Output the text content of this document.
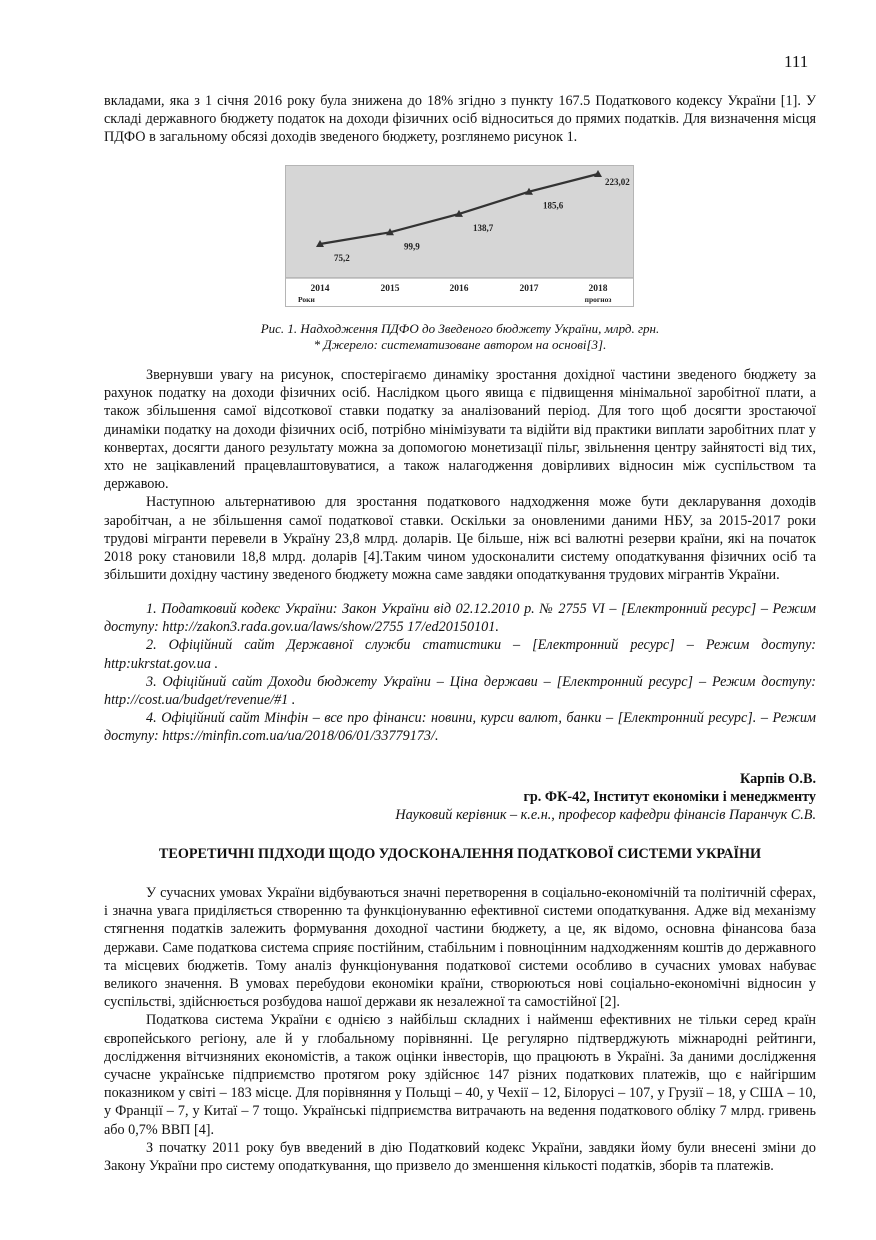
111

вкладами, яка з 1 січня 2016 року була знижена до 18% згідно з пункту 167.5 Податкового кодексу України [1]. У складі державного бюджету податок на доходи фізичних осіб відноситься до прямих податків. Для визначення місця ПДФО в загальному обсязі доходів зведеного бюджету, розглянемо рисунок 1.

75,2
99,9
138,7
185,6
223,02
2014
Роки
2015	2016	2017	2018
прогноз
Рис. 1. Надходження ПДФО до Зведеного бюджету України, млрд. грн.
* Джерело: систематизоване автором на основі[3].

Звернувши увагу на рисунок, спостерігаємо динаміку зростання дохідної частини зведеного бюджету за рахунок податку на доходи фізичних осіб. Наслідком цього явища є підвищення мінімальної заробітної плати, а також збільшення самої відсоткової ставки податку за аналізований період. Для того щоб досягти зростаючої динаміки податку на доходи фізичних осіб, потрібно мінімізувати та відійти від практики виплати заробітних плат у конвертах, досягти даного результату можна за допомогою монетизації пільг, звільнення центру зайнятості від тих, хто не зацікавлений працевлаштовуватися, а також налагодження довірливих відносин між суспільством та державою.

Наступною альтернативою для зростання податкового надходження може бути декларування доходів заробітчан, а не збільшення самої податкової ставки. Оскільки за оновленими даними НБУ, за 2015-2017 роки трудові мігранти перевели в Україну 23,8 млрд. доларів. Це більше, ніж всі валютні резерви країни, які на початок 2018 року становили 18,8 млрд. доларів [4].Таким чином удосконалити систему оподаткування фізичних осіб та збільшити дохідну частину зведеного бюджету можна саме завдяки оподаткування трудових мігрантів України.

1. Податковий кодекс України: Закон України від 02.12.2010 р. № 2755 VI – [Електронний ресурс] – Режим доступу: http://zakon3.rada.gov.ua/laws/show/2755 17/ed20150101.

2. Офіційний сайт Державної служби статистики – [Електронний ресурс] – Режим доступу: http:ukrstat.gov.ua .

3. Офіційний сайт Доходи бюджету України – Ціна держави – [Електронний ресурс] – Режим доступу: http://cost.ua/budget/revenue/#1 .

4. Офіційний сайт Мінфін – все про фінанси: новини, курси валют, банки – [Електронний ресурс]. – Режим доступу: https://minfin.com.ua/ua/2018/06/01/33779173/.

Карпів О.В.
гр. ФК-42, Інститут економіки і менеджменту
Науковий керівник – к.е.н., професор кафедри фінансів Паранчук С.В.
ТЕОРЕТИЧНІ ПІДХОДИ ЩОДО УДОСКОНАЛЕННЯ ПОДАТКОВОЇ СИСТЕМИ УКРАЇНИ

У сучасних умовах України відбуваються значні перетворення в соціально-економічній та політичній сферах, і значна увага приділяється створенню та функціонуванню ефективної системи оподаткування. Адже від механізму стягнення податків залежить формування доходної частини бюджету, а це, як відомо, основна фінансова база держави. Саме податкова система сприяє постійним, стабільним і повноцінним надходженням коштів до державного та місцевих бюджетів. Тому аналіз функціонування податкової системи особливо в сучасних умовах набуває великого значення. В умовах перебудови економіки країни, створюються нові соціально-економічні відносин у суспільстві, здійснюється розбудова нашої держави як незалежної та самостійної [2].

Податкова система України є однією з найбільш складних і найменш ефективних не тільки серед країн європейського регіону, але й у глобальному порівнянні. Це регулярно підтверджують міжнародні рейтинги, дослідження вітчизняних економістів, а також оцінки інвесторів, що працюють в Україні. За даними дослідження сучасне українське підприємство протягом року здійснює 147 різних податкових платежів, що є найгіршим показником у світі – 183 місце. Для порівняння у Польщі – 40, у Чехії – 12, Білорусі – 107, у Грузії – 18, у США – 10, у Франції – 7, у Китаї – 7 тощо. Українські підприємства витрачають на ведення податкового обліку 7 млрд. гривень або 0,7% ВВП [4].

З початку 2011 року був введений в дію Податковий кодекс України, завдяки йому були внесені зміни до Закону України про систему оподаткування, що призвело до зменшення кількості податків, зборів та платежів.
